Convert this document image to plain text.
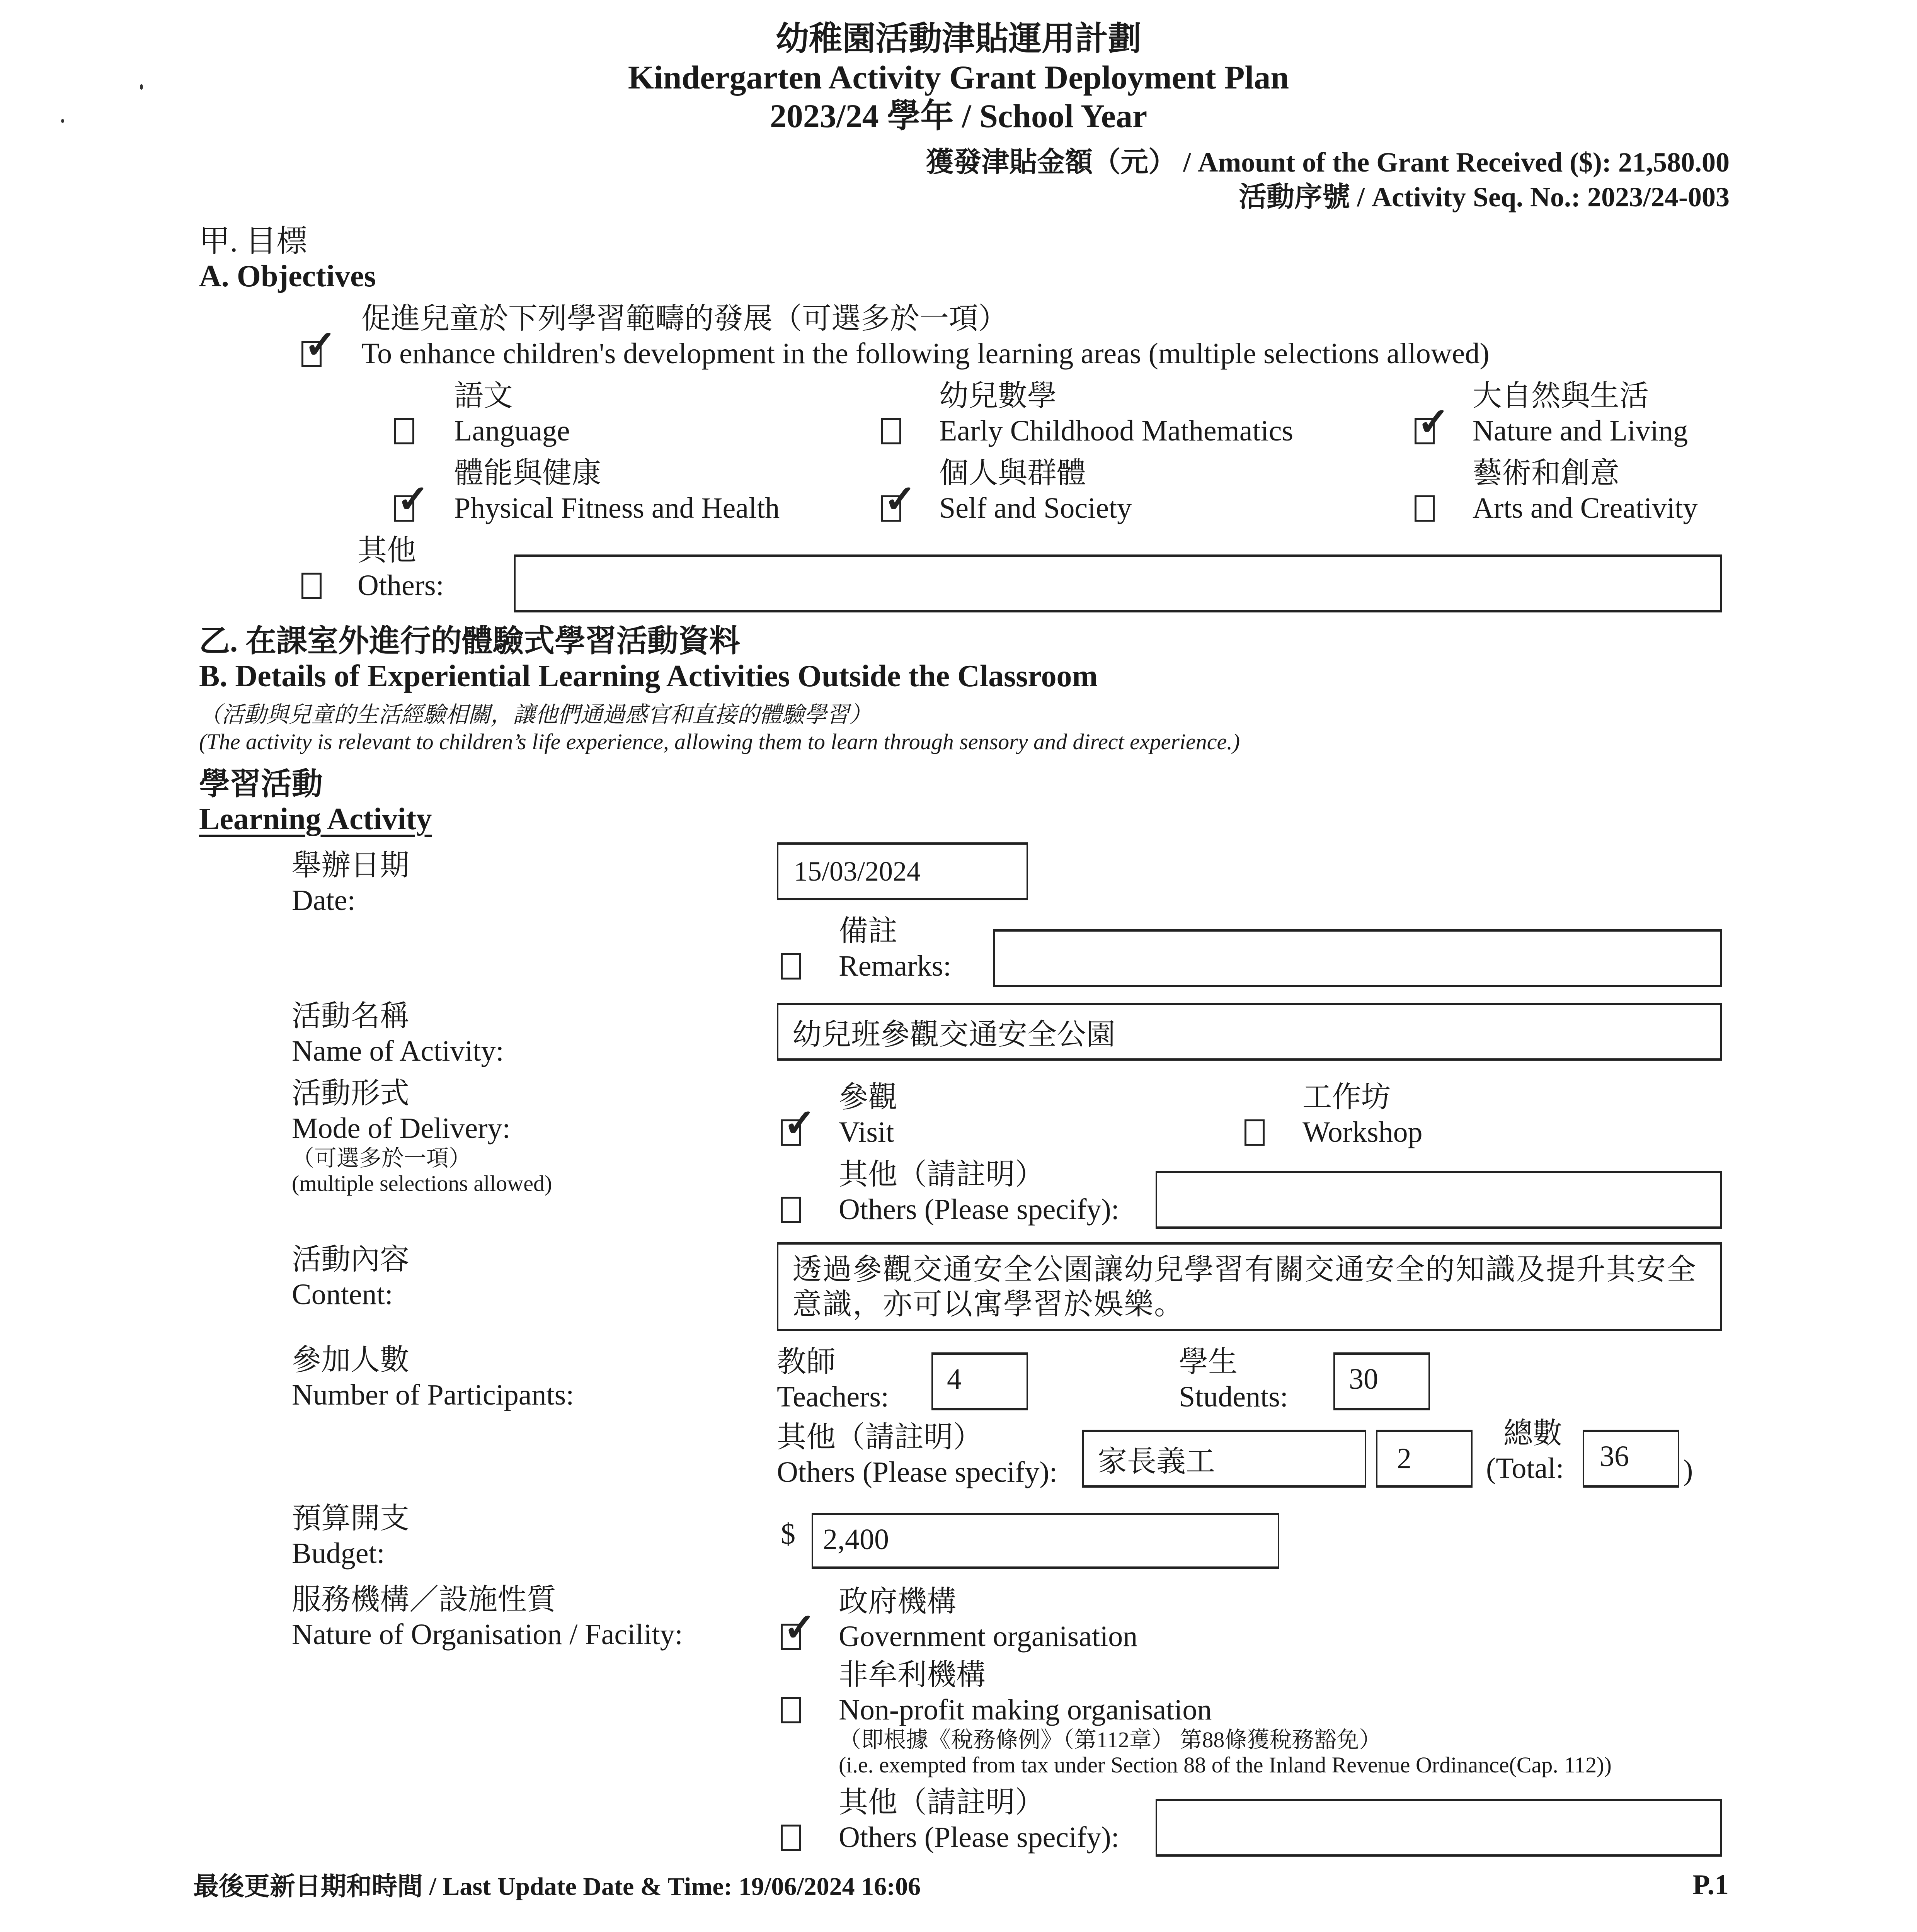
幼稚園活動津貼運用計劃
Kindergarten Activity Grant Deployment Plan
2023/24 學年 / School Year
獲發津貼金額（元） / Amount of the Grant Received ($): 21,580.00
活動序號 / Activity Seq. No.: 2023/24-003
甲. 目標
A. Objectives
促進兒童於下列學習範疇的發展（可選多於一項）
✓ To enhance children's development in the following learning areas (multiple selections allowed)
語文
Language
幼兒數學
Early Childhood Mathematics
大自然與生活
✓ Nature and Living
體能與健康
✓ Physical Fitness and Health
個人與群體
✓ Self and Society
藝術和創意
Arts and Creativity
其他
Others:
乙. 在課室外進行的體驗式學習活動資料
B. Details of Experiential Learning Activities Outside the Classroom
（活動與兒童的生活經驗相關，讓他們通過感官和直接的體驗學習）
(The activity is relevant to children’s life experience, allowing them to learn through sensory and direct experience.)
學習活動
Learning Activity
舉辦日期
Date:
15/03/2024
備註
Remarks:
活動名稱
Name of Activity:
幼兒班參觀交通安全公園
活動形式
Mode of Delivery:
（可選多於一項）
(multiple selections allowed)
參觀
✓ Visit
工作坊
Workshop
其他（請註明）
Others (Please specify):
活動內容
Content:
透過參觀交通安全公園讓幼兒學習有關交通安全的知識及提升其安全意識，亦可以寓學習於娛樂。
參加人數
Number of Participants:
教師
Teachers:
4
學生
Students:
30
其他（請註明）
Others (Please specify):	家長義工	2
總數
(Total:	36	)
預算開支
Budget:
$ 2,400
服務機構／設施性質
Nature of Organisation / Facility:
政府機構
✓ Government organisation
非牟利機構
Non-profit making organisation
（即根據《稅務條例》（第112章） 第88條獲稅務豁免）
(i.e. exempted from tax under Section 88 of the Inland Revenue Ordinance(Cap. 112))
其他（請註明）
Others (Please specify):
最後更新日期和時間 / Last Update Date & Time: 19/06/2024 16:06	P.1
